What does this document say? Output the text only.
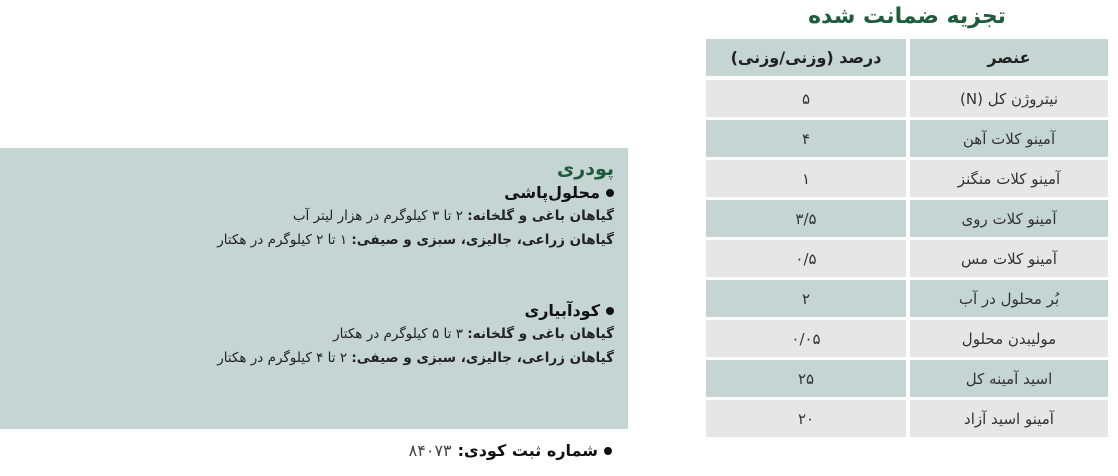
تجزیه ضمانت شده
عنصر
درصد (وزنی/وزنی)
نیتروژن کل (N)
۵
آمینو کلات آهن
۴
آمینو کلات منگنز
۱
آمینو کلات روی
۳/۵
آمینو کلات مس
۰/۵
بُر محلول در آب
۲
مولیبدن محلول
۰/۰۵
اسید آمینه کل
۲۵
آمینو اسید آزاد
۲۰
پودری
محلول‌پاشی
گیاهان باغی و گلخانه: ۲ تا ۳ کیلوگرم در هزار لیتر آب
گیاهان زراعی، جالیزی، سبزی و صیفی: ۱ تا ۲ کیلوگرم در هکتار
کودآبیاری
گیاهان باغی و گلخانه: ۳ تا ۵ کیلوگرم در هکتار
گیاهان زراعی، جالیزی، سبزی و صیفی: ۲ تا ۴ کیلوگرم در هکتار
شماره ثبت کودی:
۸۴۰۷۳
